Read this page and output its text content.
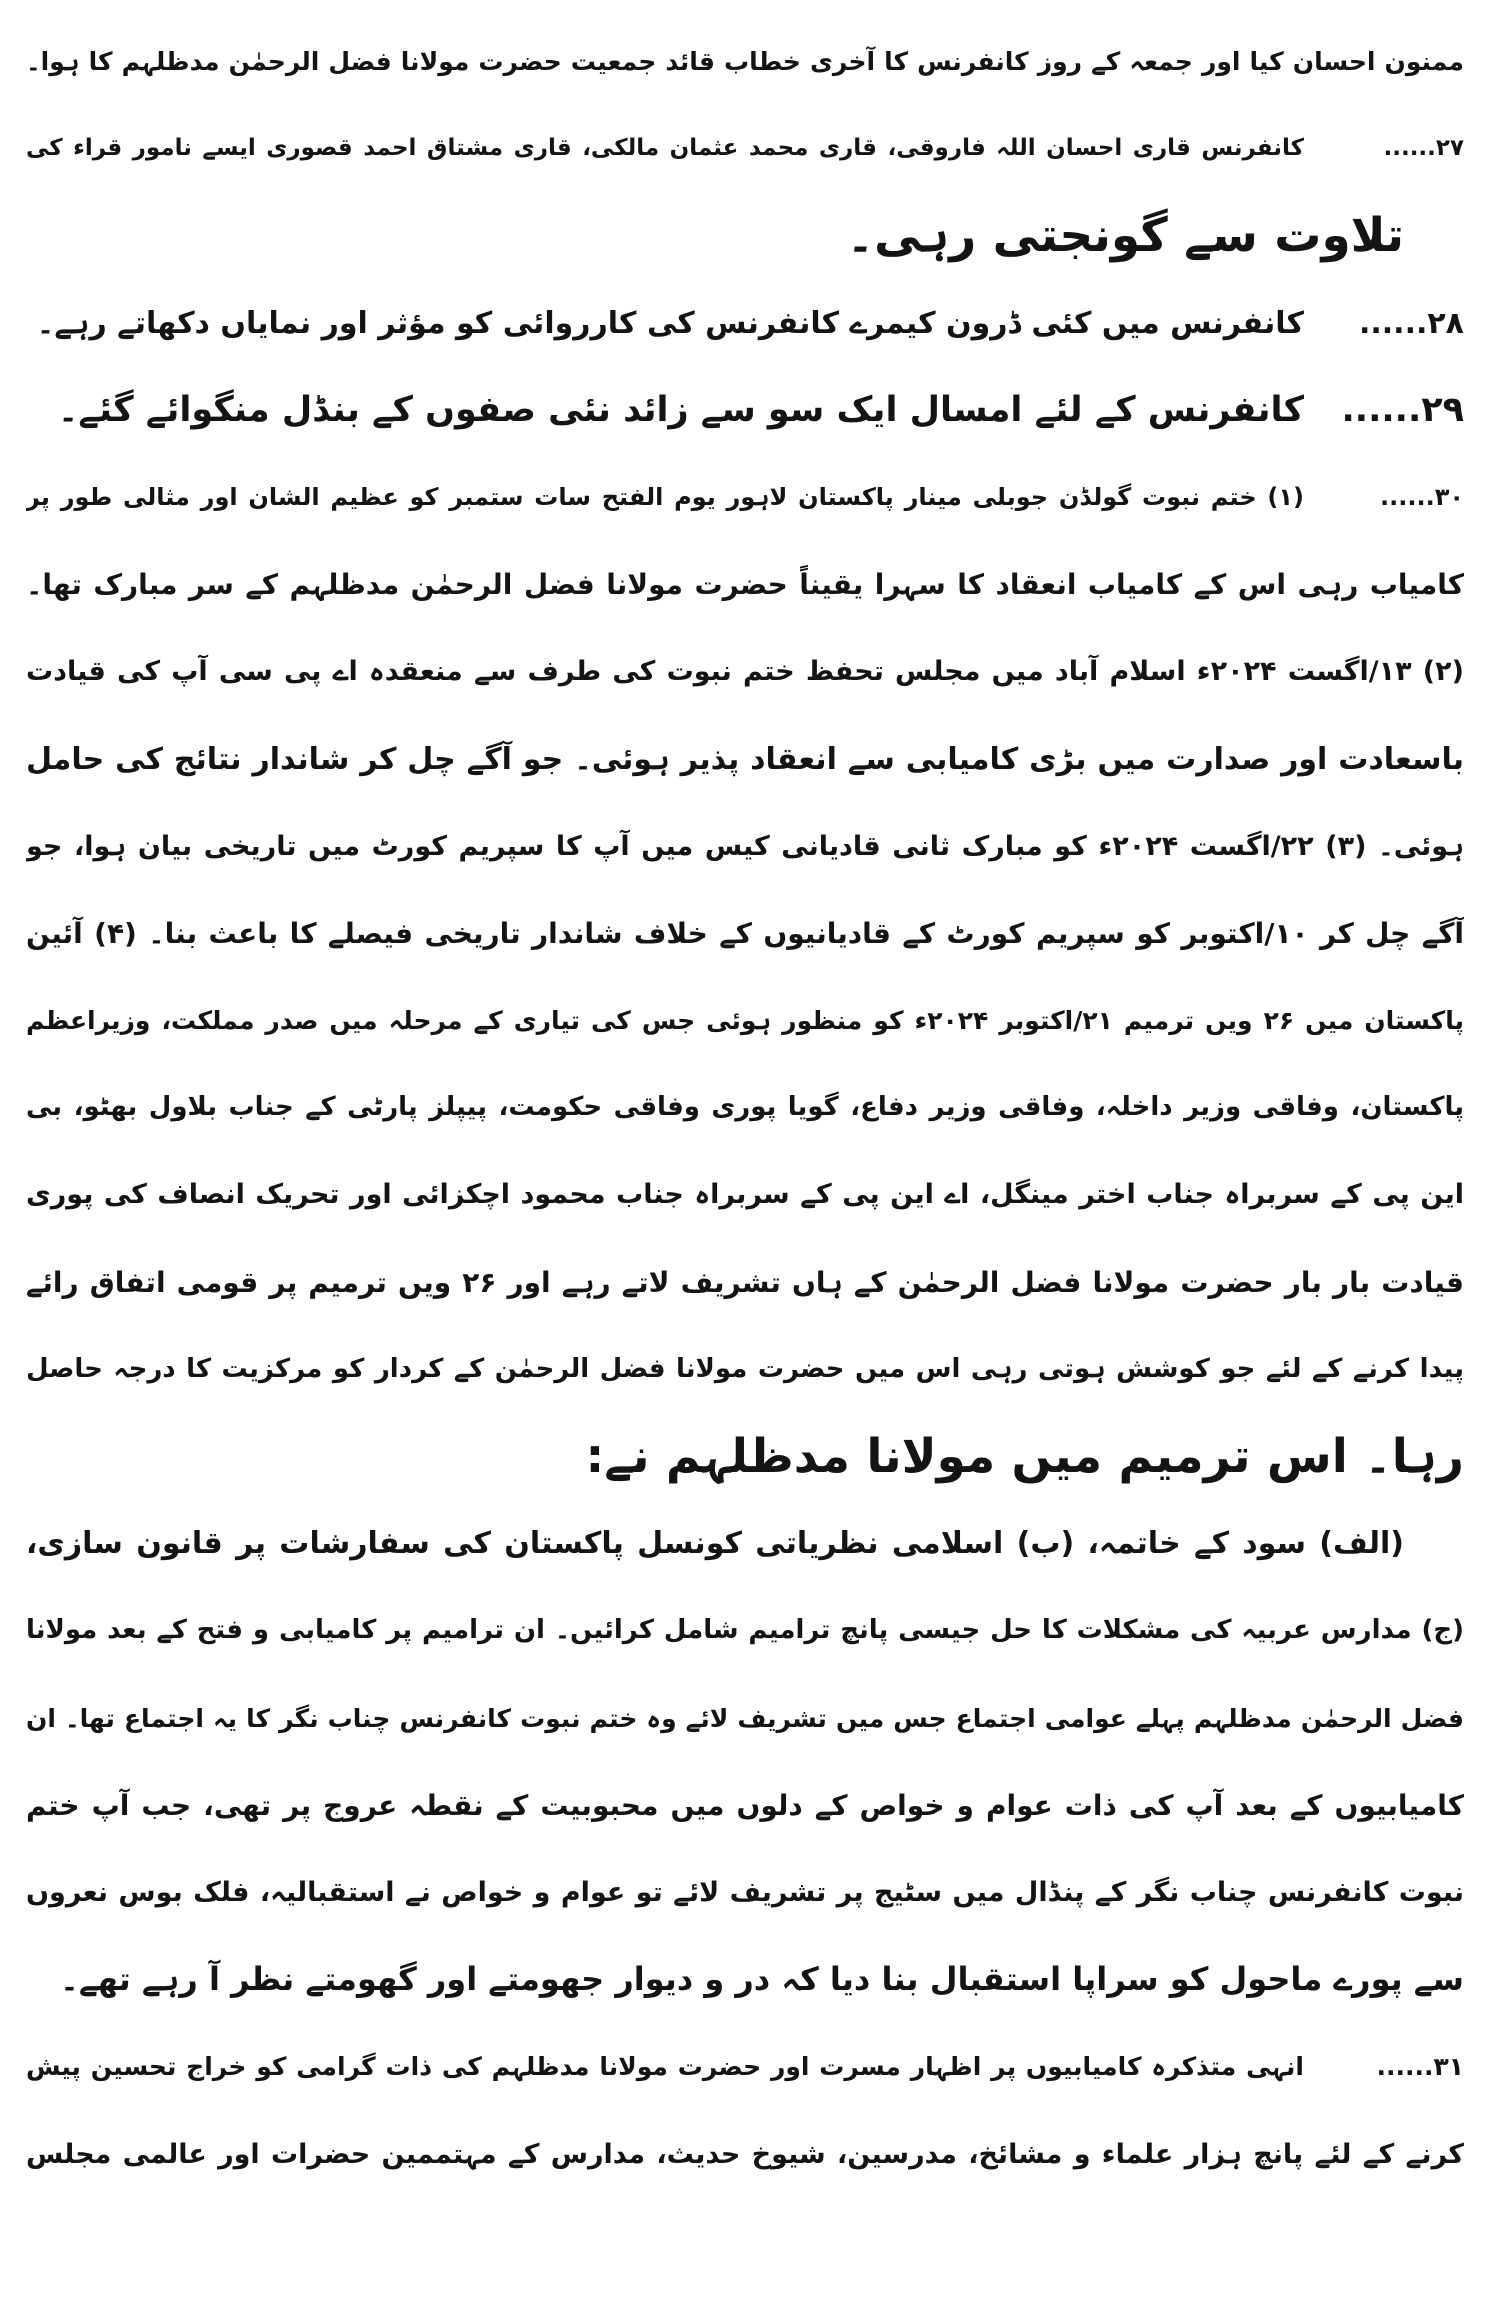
ممنون احسان کیا اور جمعہ کے روز کانفرنس کا آخری خطاب قائد جمعیت حضرت مولانا فضل الرحمٰن مدظلہم کا ہوا۔
۲۷......کانفرنس قاری احسان اللہ فاروقی، قاری محمد عثمان مالکی، قاری مشتاق احمد قصوری ایسے نامور قراء کی
تلاوت سے گونجتی رہی۔
۲۸......کانفرنس میں کئی ڈرون کیمرے کانفرنس کی کارروائی کو مؤثر اور نمایاں دکھاتے رہے۔
۲۹......کانفرنس کے لئے امسال ایک سو سے زائد نئی صفوں کے بنڈل منگوائے گئے۔
۳۰......(۱) ختم نبوت گولڈن جوبلی مینار پاکستان لاہور یوم الفتح سات ستمبر کو عظیم الشان اور مثالی طور پر
کامیاب رہی اس کے کامیاب انعقاد کا سہرا یقیناً حضرت مولانا فضل الرحمٰن مدظلہم کے سر مبارک تھا۔
(۲) ۱۳/اگست ۲۰۲۴ء اسلام آباد میں مجلس تحفظ ختم نبوت کی طرف سے منعقدہ اے پی سی آپ کی قیادت
باسعادت اور صدارت میں بڑی کامیابی سے انعقاد پذیر ہوئی۔ جو آگے چل کر شاندار نتائج کی حامل
ہوئی۔ (۳) ۲۲/اگست ۲۰۲۴ء کو مبارک ثانی قادیانی کیس میں آپ کا سپریم کورٹ میں تاریخی بیان ہوا، جو
آگے چل کر ۱۰/اکتوبر کو سپریم کورٹ کے قادیانیوں کے خلاف شاندار تاریخی فیصلے کا باعث بنا۔ (۴) آئین
پاکستان میں ۲۶ ویں ترمیم ۲۱/اکتوبر ۲۰۲۴ء کو منظور ہوئی جس کی تیاری کے مرحلہ میں صدر مملکت، وزیراعظم
پاکستان، وفاقی وزیر داخلہ، وفاقی وزیر دفاع، گویا پوری وفاقی حکومت، پیپلز پارٹی کے جناب بلاول بھٹو، بی
این پی کے سربراہ جناب اختر مینگل، اے این پی کے سربراہ جناب محمود اچکزائی اور تحریک انصاف کی پوری
قیادت بار بار حضرت مولانا فضل الرحمٰن کے ہاں تشریف لاتے رہے اور ۲۶ ویں ترمیم پر قومی اتفاق رائے
پیدا کرنے کے لئے جو کوشش ہوتی رہی اس میں حضرت مولانا فضل الرحمٰن کے کردار کو مرکزیت کا درجہ حاصل
رہا۔ اس ترمیم میں مولانا مدظلہم نے:
(الف) سود کے خاتمہ، (ب) اسلامی نظریاتی کونسل پاکستان کی سفارشات پر قانون سازی،
(ج) مدارس عربیہ کی مشکلات کا حل جیسی پانچ ترامیم شامل کرائیں۔ ان ترامیم پر کامیابی و فتح کے بعد مولانا
فضل الرحمٰن مدظلہم پہلے عوامی اجتماع جس میں تشریف لائے وہ ختم نبوت کانفرنس چناب نگر کا یہ اجتماع تھا۔ ان
کامیابیوں کے بعد آپ کی ذات عوام و خواص کے دلوں میں محبوبیت کے نقطہ عروج پر تھی، جب آپ ختم
نبوت کانفرنس چناب نگر کے پنڈال میں سٹیج پر تشریف لائے تو عوام و خواص نے استقبالیہ، فلک بوس نعروں
سے پورے ماحول کو سراپا استقبال بنا دیا کہ در و دیوار جھومتے اور گھومتے نظر آ رہے تھے۔
۳۱......انہی متذکرہ کامیابیوں پر اظہار مسرت اور حضرت مولانا مدظلہم کی ذات گرامی کو خراج تحسین پیش
کرنے کے لئے پانچ ہزار علماء و مشائخ، مدرسین، شیوخ حدیث، مدارس کے مہتممین حضرات اور عالمی مجلس
